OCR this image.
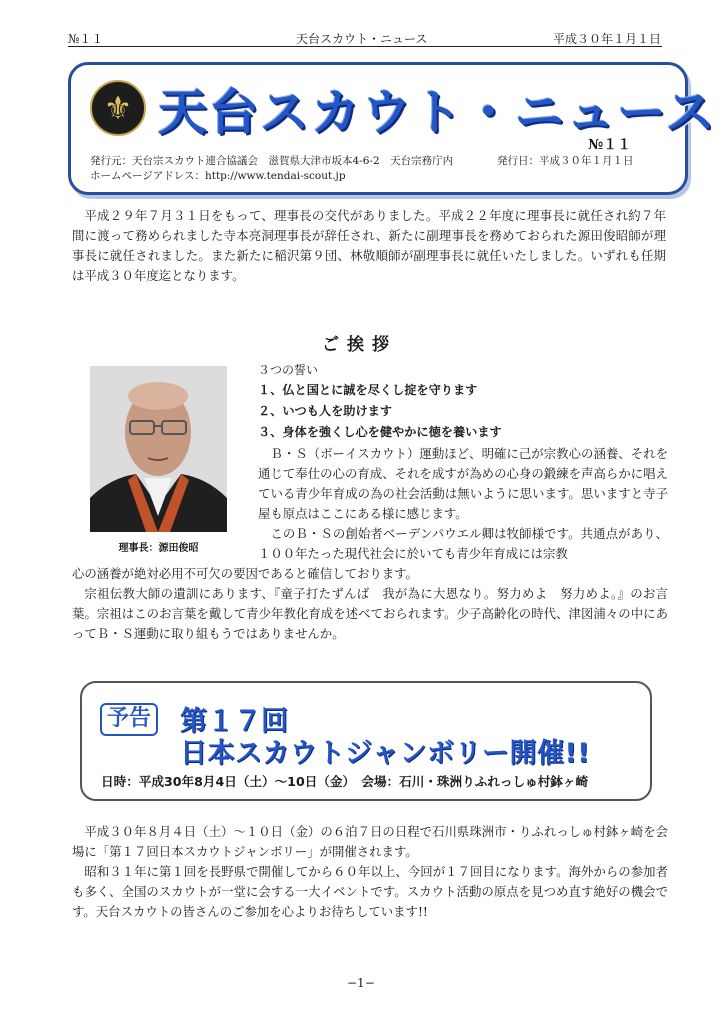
№１１	天台スカウト・ニュース	平成３０年１月１日
⚜ 天台スカウト・ニュース
№１１
発行元：天台宗スカウト連合協議会　滋賀県大津市坂本4-6-2　天台宗務庁内	発行日：平成３０年１月１日
ホームページアドレス：http://www.tendai-scout.jp

平成２９年７月３１日をもって、理事長の交代がありました。平成２２年度に理事長に就任され約７年間に渡って務められました寺本亮洞理事長が辞任され、新たに副理事長を務めておられた源田俊昭師が理事長に就任されました。また新たに稲沢第９団、林敬順師が副理事長に就任いたしました。いずれも任期は平成３０年度迄となります。

ご挨拶
理事長：源田俊昭
３つの誓い
１、仏と国とに誠を尽くし掟を守ります
２、いつも人を助けます
３、身体を強くし心を健やかに徳を養います

Ｂ・Ｓ（ボーイスカウト）運動ほど、明確に己が宗教心の涵養、それを通じて奉仕の心の育成、それを成すが為めの心身の鍛練を声高らかに唱えている青少年育成の為の社会活動は無いように思います。思いますと寺子屋も原点はここにある様に感じます。

このＢ・Ｓの創始者ベーデンパウエル卿は牧師様です。共通点があり、１００年たった現代社会に於いても青少年育成には宗教

心の涵養が絶対必用不可欠の要因であると確信しております。

宗祖伝教大師の遺訓にあります、『童子打たずんば　我が為に大恩なり。努力めよ　努力めよ。』のお言葉。宗祖はこのお言葉を戴して青少年教化育成を述べておられます。少子高齢化の時代、津図浦々の中にあってＢ・Ｓ運動に取り組もうではありませんか。

予告 第１７回
日本スカウトジャンボリー開催!!
日時：平成30年8月4日（土）〜10日（金）　会場：石川・珠洲りふれっしゅ村鉢ヶ崎

平成３０年８月４日（土）〜１０日（金）の６泊７日の日程で石川県珠洲市・りふれっしゅ村鉢ヶ崎を会場に「第１７回日本スカウトジャンボリー」が開催されます。

昭和３１年に第１回を長野県で開催してから６０年以上、今回が１７回目になります。海外からの参加者も多く、全国のスカウトが一堂に会する一大イベントです。スカウト活動の原点を見つめ直す絶好の機会です。天台スカウトの皆さんのご参加を心よりお待ちしています!!

−1−
